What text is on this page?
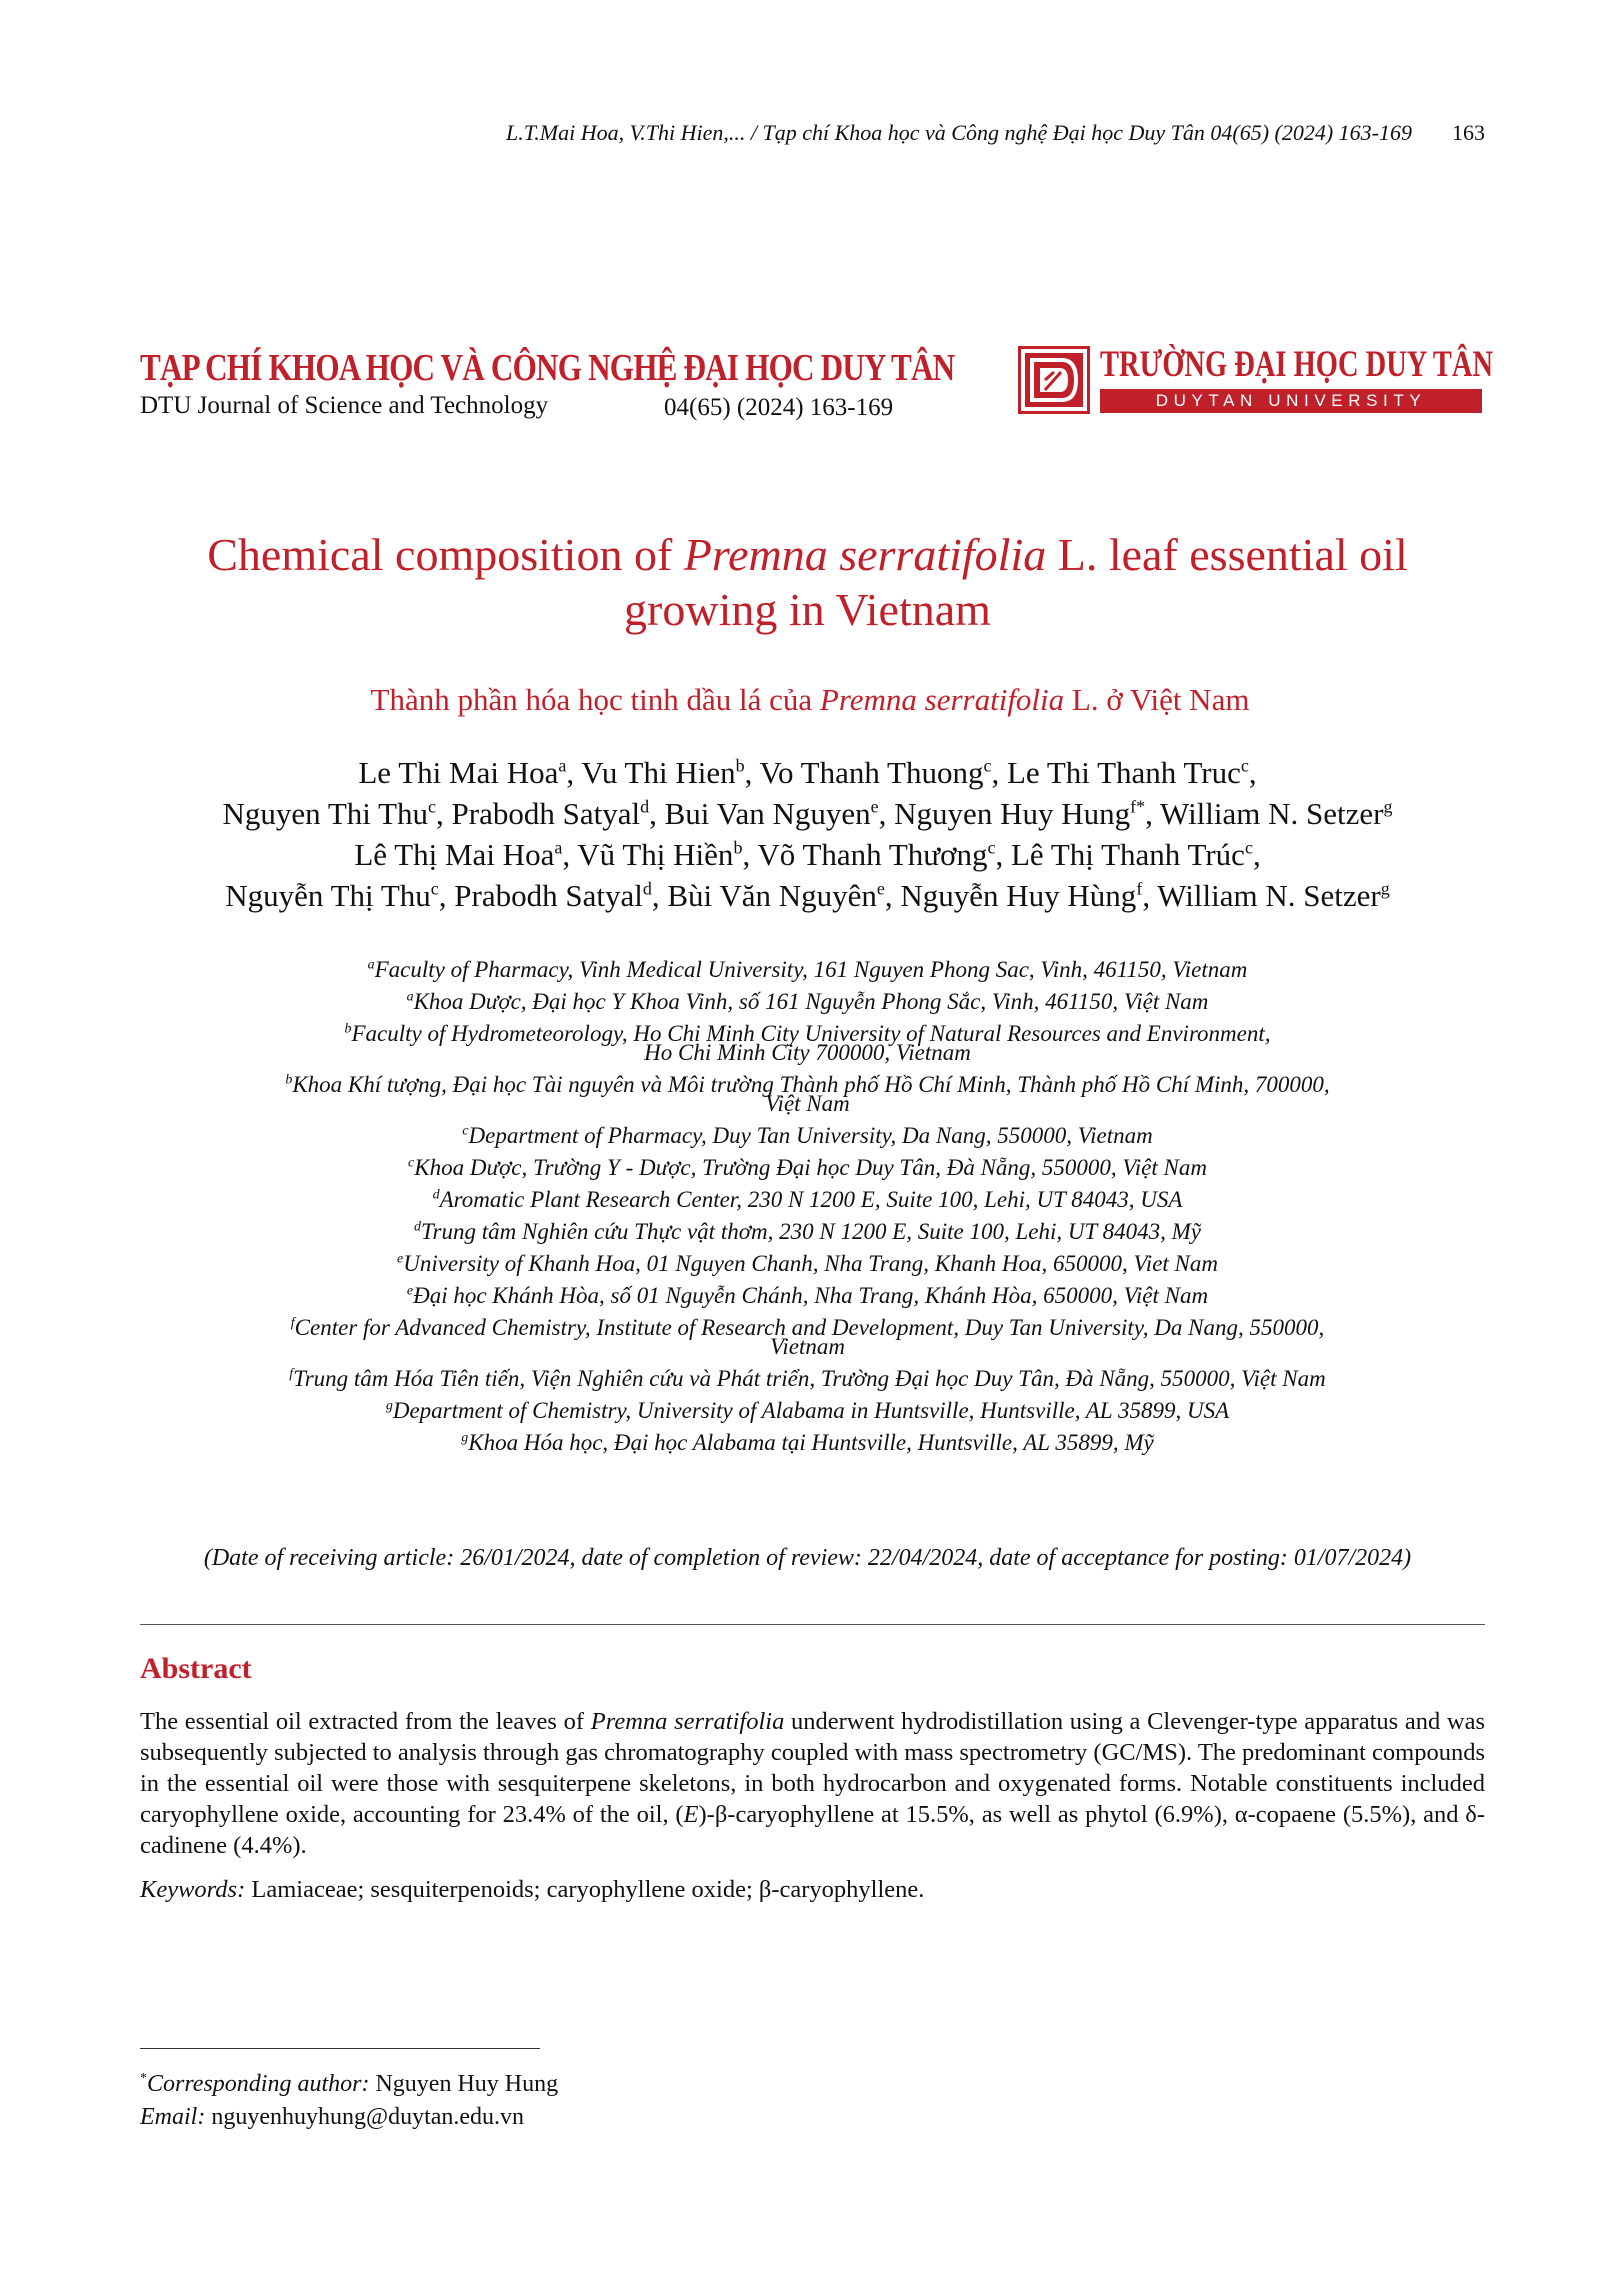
L.T.Mai Hoa, V.Thi Hien,... / Tạp chí Khoa học và Công nghệ Đại học Duy Tân 04(65) (2024) 163-169 163
TẠP CHÍ KHOA HỌC VÀ CÔNG NGHỆ ĐẠI HỌC DUY TÂN
DTU Journal of Science and Technology	04(65) (2024) 163-169
TRƯỜNG ĐẠI HỌC DUY TÂN
DUYTAN UNIVERSITY
Chemical composition of Premna serratifolia L. leaf essential oil growing in Vietnam
Thành phần hóa học tinh dầu lá của Premna serratifolia L. ở Việt Nam
Le Thi Mai Hoa$^a$, Vu Thi Hien$^b$, Vo Thanh Thuong$^c$, Le Thi Thanh Truc$^c$,
Nguyen Thi Thu$^c$, Prabodh Satyal$^d$, Bui Van Nguyen$^e$, Nguyen Huy Hung$^{f*}$, William N. Setzer$^g$
Lê Thị Mai Hoa$^a$, Vũ Thị Hiền$^b$, Võ Thanh Thương$^c$, Lê Thị Thanh Trúc$^c$,
Nguyễn Thị Thu$^c$, Prabodh Satyal$^d$, Bùi Văn Nguyên$^e$, Nguyễn Huy Hùng$^f$, William N. Setzer$^g$
$^a$Faculty of Pharmacy, Vinh Medical University, 161 Nguyen Phong Sac, Vinh, 461150, Vietnam
$^a$Khoa Dược, Đại học Y Khoa Vinh, số 161 Nguyễn Phong Sắc, Vinh, 461150, Việt Nam
$^b$Faculty of Hydrometeorology, Ho Chi Minh City University of Natural Resources and Environment,
Ho Chi Minh City 700000, Vietnam
$^b$Khoa Khí tượng, Đại học Tài nguyên và Môi trường Thành phố Hồ Chí Minh, Thành phố Hồ Chí Minh, 700000,
Việt Nam
$^c$Department of Pharmacy, Duy Tan University, Da Nang, 550000, Vietnam
$^c$Khoa Dược, Trường Y - Dược, Trường Đại học Duy Tân, Đà Nẵng, 550000, Việt Nam
$^d$Aromatic Plant Research Center, 230 N 1200 E, Suite 100, Lehi, UT 84043, USA
$^d$Trung tâm Nghiên cứu Thực vật thơm, 230 N 1200 E, Suite 100, Lehi, UT 84043, Mỹ
$^e$University of Khanh Hoa, 01 Nguyen Chanh, Nha Trang, Khanh Hoa, 650000, Viet Nam
$^e$Đại học Khánh Hòa, số 01 Nguyễn Chánh, Nha Trang, Khánh Hòa, 650000, Việt Nam
$^f$Center for Advanced Chemistry, Institute of Research and Development, Duy Tan University, Da Nang, 550000,
Vietnam
$^f$Trung tâm Hóa Tiên tiến, Viện Nghiên cứu và Phát triển, Trường Đại học Duy Tân, Đà Nẵng, 550000, Việt Nam
$^g$Department of Chemistry, University of Alabama in Huntsville, Huntsville, AL 35899, USA
$^g$Khoa Hóa học, Đại học Alabama tại Huntsville, Huntsville, AL 35899, Mỹ
(Date of receiving article: 26/01/2024, date of completion of review: 22/04/2024, date of acceptance for posting: 01/07/2024)
Abstract
The essential oil extracted from the leaves of Premna serratifolia underwent hydrodistillation using a Clevenger-type apparatus and was subsequently subjected to analysis through gas chromatography coupled with mass spectrometry (GC/MS). The predominant compounds in the essential oil were those with sesquiterpene skeletons, in both hydrocarbon and oxygenated forms. Notable constituents included caryophyllene oxide, accounting for 23.4% of the oil, (E)-β-caryophyllene at 15.5%, as well as phytol (6.9%), α-copaene (5.5%), and δ-cadinene (4.4%).
Keywords: Lamiaceae; sesquiterpenoids; caryophyllene oxide; β-caryophyllene.
*Corresponding author: Nguyen Huy Hung
Email: nguyenhuyhung@duytan.edu.vn
